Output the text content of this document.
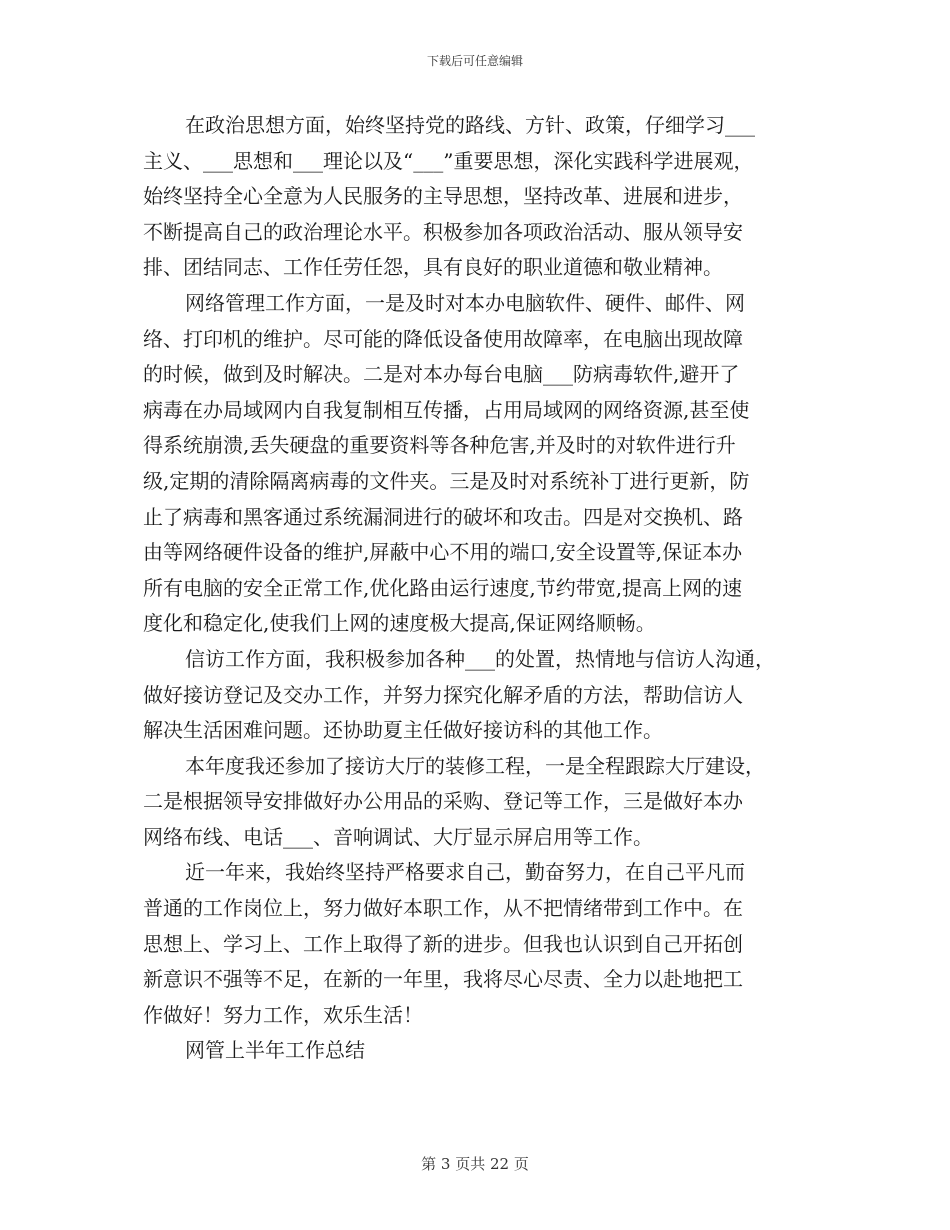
下载后可任意编辑
在政治思想方面，始终坚持党的路线、方针、政策，仔细学习___
主义、___思想和___理论以及“___”重要思想，深化实践科学进展观，
始终坚持全心全意为人民服务的主导思想，坚持改革、进展和进步，
不断提高自己的政治理论水平。积极参加各项政治活动、服从领导安
排、团结同志、工作任劳任怨，具有良好的职业道德和敬业精神。
网络管理工作方面，一是及时对本办电脑软件、硬件、邮件、网
络、打印机的维护。尽可能的降低设备使用故障率，在电脑出现故障
的时候，做到及时解决。二是对本办每台电脑___防病毒软件,避开了
病毒在办局域网内自我复制相互传播，占用局域网的网络资源,甚至使
得系统崩溃,丢失硬盘的重要资料等各种危害,并及时的对软件进行升
级,定期的清除隔离病毒的文件夹。三是及时对系统补丁进行更新，防
止了病毒和黑客通过系统漏洞进行的破坏和攻击。四是对交换机、路
由等网络硬件设备的维护,屏蔽中心不用的端口,安全设置等,保证本办
所有电脑的安全正常工作,优化路由运行速度,节约带宽,提高上网的速
度化和稳定化,使我们上网的速度极大提高,保证网络顺畅。
信访工作方面，我积极参加各种___的处置，热情地与信访人沟通，
做好接访登记及交办工作，并努力探究化解矛盾的方法，帮助信访人
解决生活困难问题。还协助夏主任做好接访科的其他工作。
本年度我还参加了接访大厅的装修工程，一是全程跟踪大厅建设，
二是根据领导安排做好办公用品的采购、登记等工作，三是做好本办
网络布线、电话___、音响调试、大厅显示屏启用等工作。
近一年来，我始终坚持严格要求自己，勤奋努力，在自己平凡而
普通的工作岗位上，努力做好本职工作，从不把情绪带到工作中。在
思想上、学习上、工作上取得了新的进步。但我也认识到自己开拓创
新意识不强等不足，在新的一年里，我将尽心尽责、全力以赴地把工
作做好！努力工作，欢乐生活！
网管上半年工作总结
第 3 页共 22 页
